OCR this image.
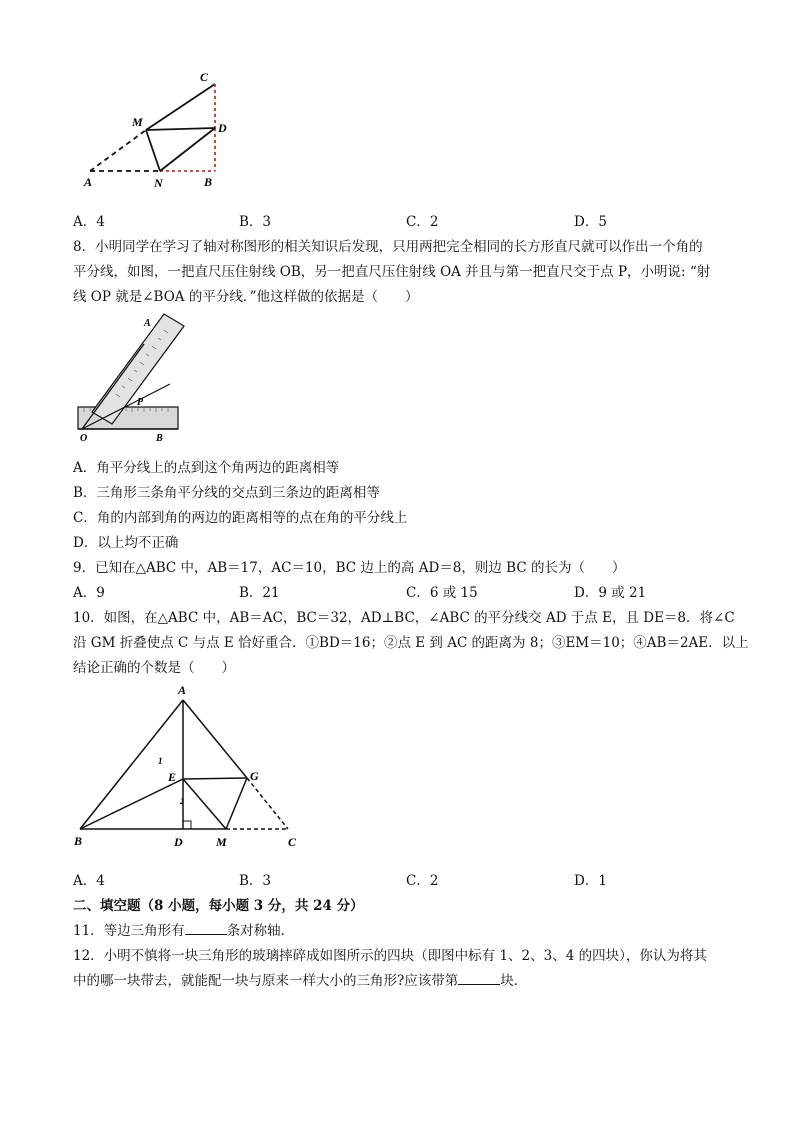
C
M	D
A	N	B
A．4	B．3	C．2	D．5
8．小明同学在学习了轴对称图形的相关知识后发现，只用两把完全相同的长方形直尺就可以作出一个角的
平分线，如图，一把直尺压住射线 OB，另一把直尺压住射线 OA 并且与第一把直尺交于点 P，小明说: “射
线 OP 就是∠BOA 的平分线．”他这样做的依据是（　　）
A
P
O	B
A．角平分线上的点到这个角两边的距离相等
B．三角形三条角平分线的交点到三条边的距离相等
C．角的内部到角的两边的距离相等的点在角的平分线上
D．以上均不正确
9．已知在△ABC 中，AB＝17，AC＝10，BC 边上的高 AD＝8，则边 BC 的长为（　　）
A．9	B．21	C．6 或 15	D．9 或 21
10．如图，在△ABC 中，AB＝AC，BC＝32，AD⊥BC，∠ABC 的平分线交 AD 于点 E，且 DE＝8．将∠C
沿 GM 折叠使点 C 与点 E 恰好重合．①BD＝16；②点 E 到 AC 的距离为 8；③EM＝10；④AB＝2AE．以上
结论正确的个数是（　　）
1
2
A
E	G
B	D	M	C
A．4	B．3	C．2	D．1
二、填空题（8 小题，每小题 3 分，共 24 分）
11．等边三角形有	条对称轴．
12．小明不慎将一块三角形的玻璃摔碎成如图所示的四块（即图中标有 1、2、3、4 的四块），你认为将其
中的哪一块带去，就能配一块与原来一样大小的三角形?应该带第	块．
